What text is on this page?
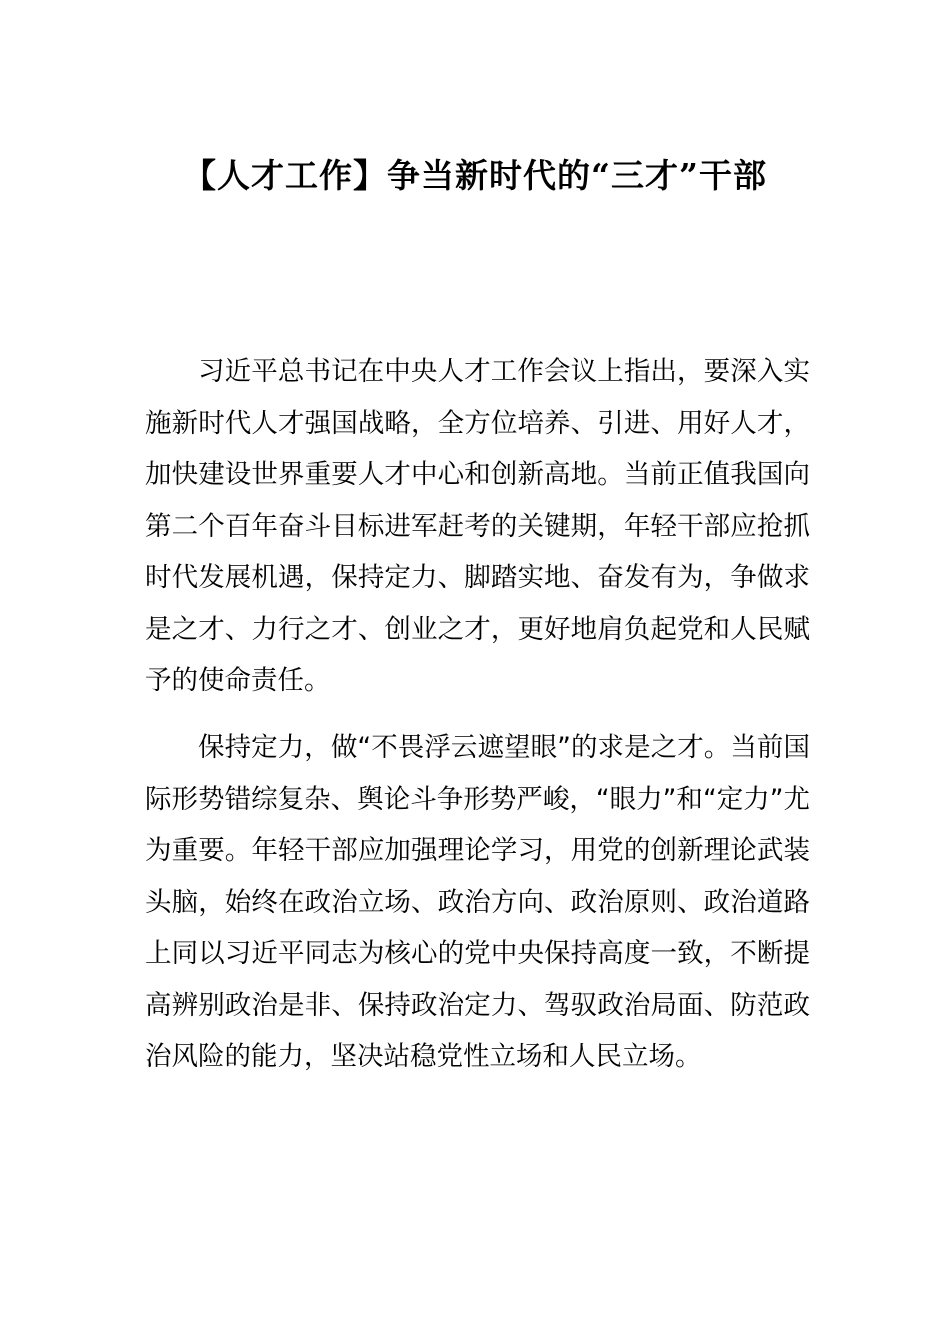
【人才工作】争当新时代的“三才”干部

习近平总书记在中央人才工作会议上指出，要深入实施新时代人才强国战略，全方位培养、引进、用好人才，加快建设世界重要人才中心和创新高地。当前正值我国向第二个百年奋斗目标进军赶考的关键期，年轻干部应抢抓时代发展机遇，保持定力、脚踏实地、奋发有为，争做求是之才、力行之才、创业之才，更好地肩负起党和人民赋予的使命责任。

保持定力，做“不畏浮云遮望眼”的求是之才。当前国际形势错综复杂、舆论斗争形势严峻，“眼力”和“定力”尤为重要。年轻干部应加强理论学习，用党的创新理论武装头脑，始终在政治立场、政治方向、政治原则、政治道路上同以习近平同志为核心的党中央保持高度一致，不断提高辨别政治是非、保持政治定力、驾驭政治局面、防范政治风险的能力，坚决站稳党性立场和人民立场。
